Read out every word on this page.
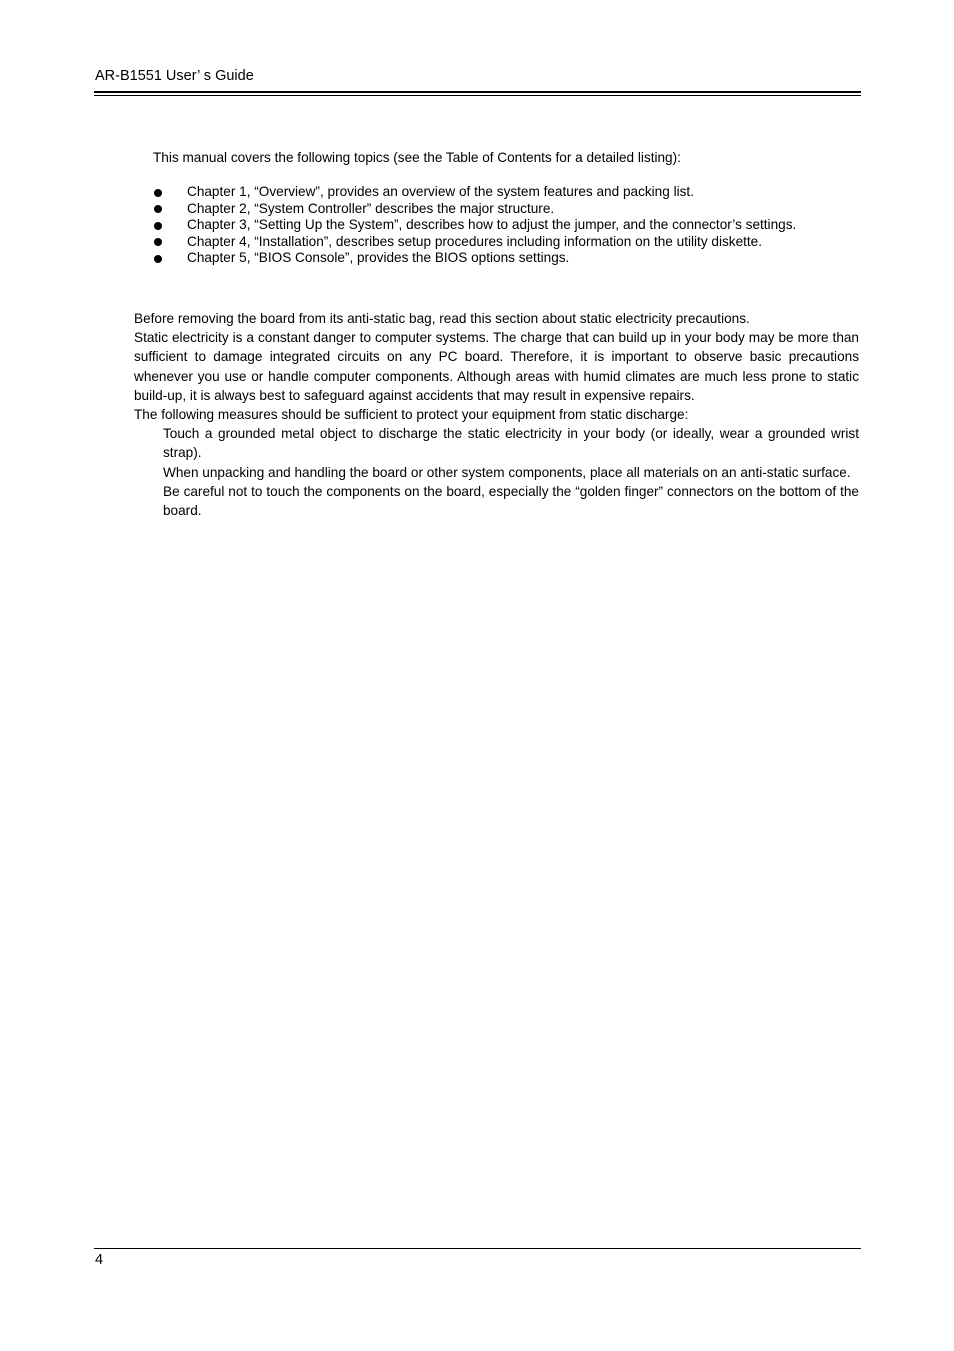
AR-B1551 User’ s Guide
This manual covers the following topics (see the Table of Contents for a detailed listing):
Chapter 1, “Overview”, provides an overview of the system features and packing list.
Chapter 2, “System Controller” describes the major structure.
Chapter 3, “Setting Up the System”, describes how to adjust the jumper, and the connector’s settings.
Chapter 4, “Installation”, describes setup procedures including information on the utility diskette.
Chapter 5, “BIOS Console”, provides the BIOS options settings.

Before removing the board from its anti-static bag, read this section about static electricity precautions.

Static electricity is a constant danger to computer systems. The charge that can build up in your body may be more than sufficient to damage integrated circuits on any PC board. Therefore, it is important to observe basic precautions whenever you use or handle computer components. Although areas with humid climates are much less prone to static build-up, it is always best to safeguard against accidents that may result in expensive repairs.

The following measures should be sufficient to protect your equipment from static discharge:

Touch a grounded metal object to discharge the static electricity in your body (or ideally, wear a grounded wrist strap).
When unpacking and handling the board or other system components, place all materials on an anti-static surface.
Be careful not to touch the components on the board, especially the “golden finger” connectors on the bottom of the board.
4
